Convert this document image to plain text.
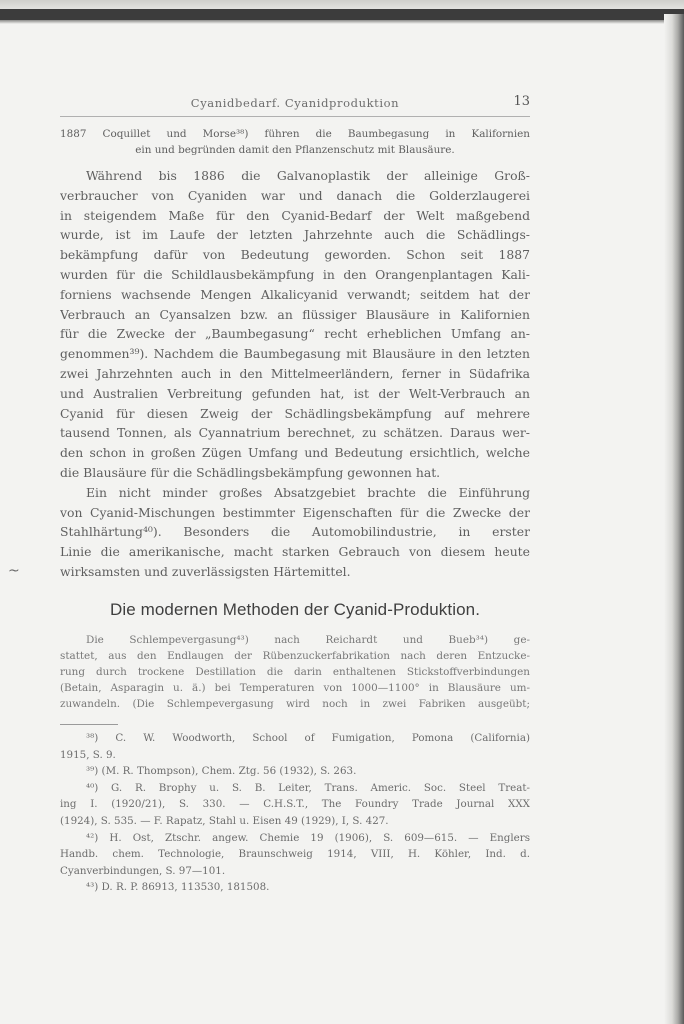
~
Cyanidbedarf. Cyanidproduktion	13
1887 Coquillet und Morse³⁸) führen die Baumbegasung in Kalifornien
ein und begründen damit den Pflanzenschutz mit Blausäure.
Während bis 1886 die Galvanoplastik der alleinige Groß-
verbraucher von Cyaniden war und danach die Golderzlaugerei
in steigendem Maße für den Cyanid-Bedarf der Welt maßgebend
wurde, ist im Laufe der letzten Jahrzehnte auch die Schädlings-
bekämpfung dafür von Bedeutung geworden. Schon seit 1887
wurden für die Schildlausbekämpfung in den Orangenplantagen Kali-
forniens wachsende Mengen Alkalicyanid verwandt; seitdem hat der
Verbrauch an Cyansalzen bzw. an flüssiger Blausäure in Kalifornien
für die Zwecke der „Baumbegasung“ recht erheblichen Umfang an-
genommen³⁹). Nachdem die Baumbegasung mit Blausäure in den letzten
zwei Jahrzehnten auch in den Mittelmeerländern, ferner in Südafrika
und Australien Verbreitung gefunden hat, ist der Welt-Verbrauch an
Cyanid für diesen Zweig der Schädlingsbekämpfung auf mehrere
tausend Tonnen, als Cyannatrium berechnet, zu schätzen. Daraus wer-
den schon in großen Zügen Umfang und Bedeutung ersichtlich, welche
die Blausäure für die Schädlingsbekämpfung gewonnen hat.
Ein nicht minder großes Absatzgebiet brachte die Einführung
von Cyanid-Mischungen bestimmter Eigenschaften für die Zwecke der
Stahlhärtung⁴⁰). Besonders die Automobilindustrie, in erster
Linie die amerikanische, macht starken Gebrauch von diesem heute
wirksamsten und zuverlässigsten Härtemittel.
Die modernen Methoden der Cyanid-Produktion.
Die Schlempevergasung⁴³) nach Reichardt und Bueb³⁴) ge-
stattet, aus den Endlaugen der Rübenzuckerfabrikation nach deren Entzucke-
rung durch trockene Destillation die darin enthaltenen Stickstoffverbindungen
(Betain, Asparagin u. ä.) bei Temperaturen von 1000—1100° in Blausäure um-
zuwandeln. (Die Schlempevergasung wird noch in zwei Fabriken ausgeübt;
³⁸) C. W. Woodworth, School of Fumigation, Pomona (California)
1915, S. 9.
³⁹) (M. R. Thompson), Chem. Ztg. 56 (1932), S. 263.
⁴⁰) G. R. Brophy u. S. B. Leiter, Trans. Americ. Soc. Steel Treat-
ing I. (1920/21), S. 330. — C.H.S.T., The Foundry Trade Journal XXX
(1924), S. 535. — F. Rapatz, Stahl u. Eisen 49 (1929), I, S. 427.
⁴²) H. Ost, Ztschr. angew. Chemie 19 (1906), S. 609—615. — Englers
Handb. chem. Technologie, Braunschweig 1914, VIII, H. Köhler, Ind. d.
Cyanverbindungen, S. 97—101.
⁴³) D. R. P. 86913, 113530, 181508.
